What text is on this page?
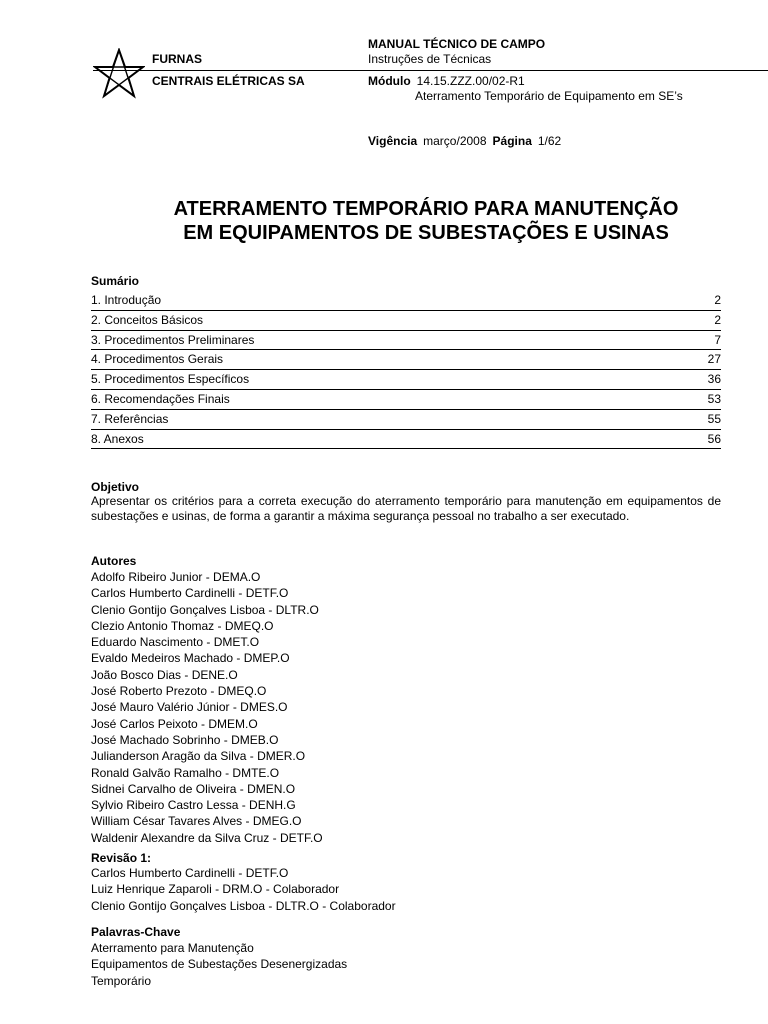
FURNAS
CENTRAIS ELÉTRICAS SA
MANUAL TÉCNICO DE CAMPO
Instruções de Técnicas
Módulo 14.15.ZZZ.00/02-R1
Aterramento Temporário de Equipamento em SE’s
Vigência março/2008 Página 1/62
ATERRAMENTO TEMPORÁRIO PARA MANUTENÇÃO
EM EQUIPAMENTOS DE SUBESTAÇÕES E USINAS
Sumário
1. Introdução	2
2. Conceitos Básicos	2
3. Procedimentos Preliminares	7
4. Procedimentos Gerais	27
5. Procedimentos Específicos	36
6. Recomendações Finais	53
7. Referências	55
8. Anexos	56
Objetivo
Apresentar os critérios para a correta execução do aterramento temporário para manutenção em equipamentos de subestações e usinas, de forma a garantir a máxima segurança pessoal no trabalho a ser executado.
Autores
Adolfo Ribeiro Junior - DEMA.O
Carlos Humberto Cardinelli - DETF.O
Clenio Gontijo Gonçalves Lisboa - DLTR.O
Clezio Antonio Thomaz - DMEQ.O
Eduardo Nascimento - DMET.O
Evaldo Medeiros Machado - DMEP.O
João Bosco Dias - DENE.O
José Roberto Prezoto - DMEQ.O
José Mauro Valério Júnior - DMES.O
José Carlos Peixoto - DMEM.O
José Machado Sobrinho - DMEB.O
Julianderson Aragão da Silva - DMER.O
Ronald Galvão Ramalho - DMTE.O
Sidnei Carvalho de Oliveira - DMEN.O
Sylvio Ribeiro Castro Lessa - DENH.G
William César Tavares Alves - DMEG.O
Waldenir Alexandre da Silva Cruz - DETF.O
Revisão 1:
Carlos Humberto Cardinelli - DETF.O
Luiz Henrique Zaparoli - DRM.O - Colaborador
Clenio Gontijo Gonçalves Lisboa - DLTR.O - Colaborador
Palavras-Chave
Aterramento para Manutenção
Equipamentos de Subestações Desenergizadas
Temporário
